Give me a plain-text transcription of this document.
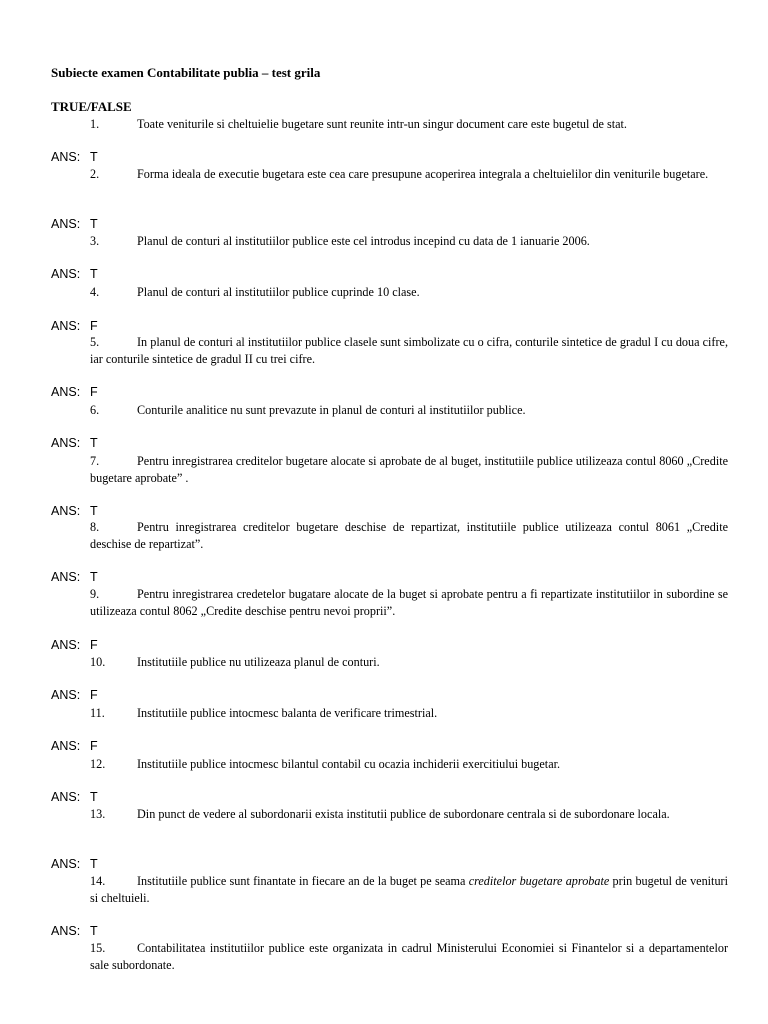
Subiecte examen Contabilitate publia – test grila
TRUE/FALSE
1.	Toate veniturile si cheltuielie bugetare sunt reunite intr-un singur document care este bugetul de stat.
ANS: T
2.	Forma ideala de executie bugetara este cea care presupune acoperirea integrala a cheltuielilor din veniturile bugetare.
ANS: T
3.	Planul de conturi al institutiilor publice este cel introdus incepind cu data de 1 ianuarie 2006.
ANS: T
4.	Planul de conturi al institutiilor publice cuprinde 10 clase.
ANS: F
5.	In planul de conturi al institutiilor publice clasele sunt simbolizate cu o cifra, conturile sintetice de gradul I cu doua cifre, iar conturile sintetice de gradul II cu trei cifre.
ANS: F
6.	Conturile analitice nu sunt prevazute in planul de conturi al institutiilor publice.
ANS: T
7.	Pentru inregistrarea creditelor bugetare alocate si aprobate de al buget, institutiile publice utilizeaza contul 8060 „Credite bugetare aprobate” .
ANS: T
8.	Pentru inregistrarea creditelor bugetare deschise de repartizat, institutiile publice utilizeaza contul 8061 „Credite deschise de repartizat”.
ANS: T
9.	Pentru inregistrarea credetelor bugatare alocate de la buget si aprobate pentru a fi repartizate institutiilor in subordine se utilizeaza contul 8062 „Credite deschise pentru nevoi proprii”.
ANS: F
10.	Institutiile publice nu utilizeaza planul de conturi.
ANS: F
11.	Institutiile publice intocmesc balanta de verificare trimestrial.
ANS: F
12.	Institutiile publice intocmesc bilantul contabil cu ocazia inchiderii exercitiului bugetar.
ANS: T
13.	Din punct de vedere al subordonarii exista institutii publice de subordonare centrala si de subordonare locala.
ANS: T
14.	Institutiile publice sunt finantate in fiecare an de la buget pe seama creditelor bugetare aprobate prin bugetul de venituri si cheltuieli.
ANS: T
15.	Contabilitatea institutiilor publice este organizata in cadrul Ministerului Economiei si Finantelor si a departamentelor sale subordonate.
